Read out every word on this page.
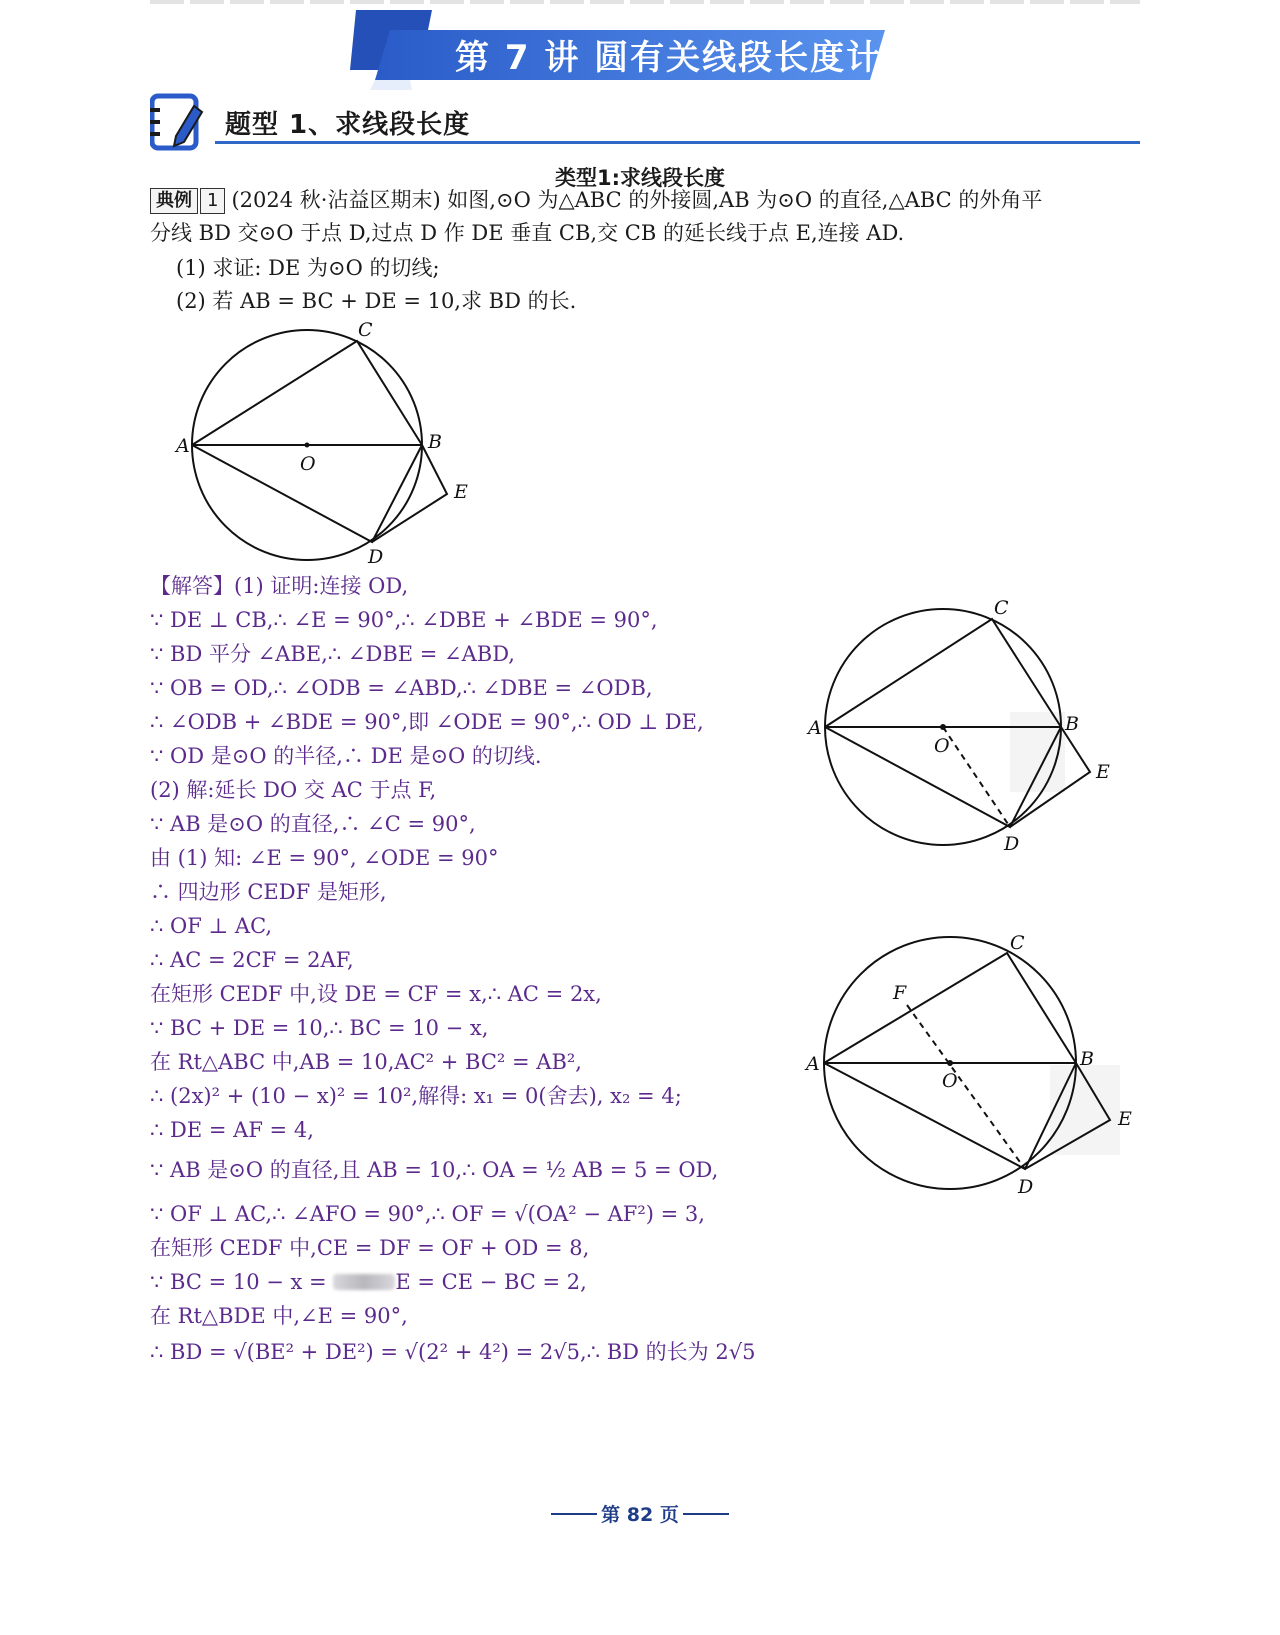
第 7 讲 圆有关线段长度计算
题型 1、求线段长度
类型1:求线段长度
典例 1 (2024 秋·沾益区期末) 如图,⊙O 为△ABC 的外接圆,AB 为⊙O 的直径,△ABC 的外角平
分线 BD 交⊙O 于点 D,过点 D 作 DE 垂直 CB,交 CB 的延长线于点 E,连接 AD.
(1) 求证: DE 为⊙O 的切线;
(2) 若 AB = BC + DE = 10,求 BD 的长.
A	B
C
D
E
O
【解答】(1) 证明:连接 OD,
∵ DE ⊥ CB,∴ ∠E = 90°,∴ ∠DBE + ∠BDE = 90°,
∵ BD 平分 ∠ABE,∴ ∠DBE = ∠ABD,
∵ OB = OD,∴ ∠ODB = ∠ABD,∴ ∠DBE = ∠ODB,
∴ ∠ODB + ∠BDE = 90°,即 ∠ODE = 90°,∴ OD ⊥ DE,
∵ OD 是⊙O 的半径,∴ DE 是⊙O 的切线.
(2) 解:延长 DO 交 AC 于点 F,
∵ AB 是⊙O 的直径,∴ ∠C = 90°,
由 (1) 知: ∠E = 90°, ∠ODE = 90°
∴ 四边形 CEDF 是矩形,
∴ OF ⊥ AC,
∴ AC = 2CF = 2AF,
在矩形 CEDF 中,设 DE = CF = x,∴ AC = 2x,
∵ BC + DE = 10,∴ BC = 10 − x,
在 Rt△ABC 中,AB = 10,AC² + BC² = AB²,
∴ (2x)² + (10 − x)² = 10²,解得: x₁ = 0(舍去), x₂ = 4;
∴ DE = AF = 4,
∵ AB 是⊙O 的直径,且 AB = 10,∴ OA = ½ AB = 5 = OD,
∵ OF ⊥ AC,∴ ∠AFO = 90°,∴ OF = √(OA² − AF²) = 3,
在矩形 CEDF 中,CE = DF = OF + OD = 8,
∵ BC = 10 − x =	E = CE − BC = 2,
在 Rt△BDE 中,∠E = 90°,
∴ BD = √(BE² + DE²) = √(2² + 4²) = 2√5,∴ BD 的长为 2√5
A	B
C
D
E
O
A	B
C
D
E
O
F
第 82 页
